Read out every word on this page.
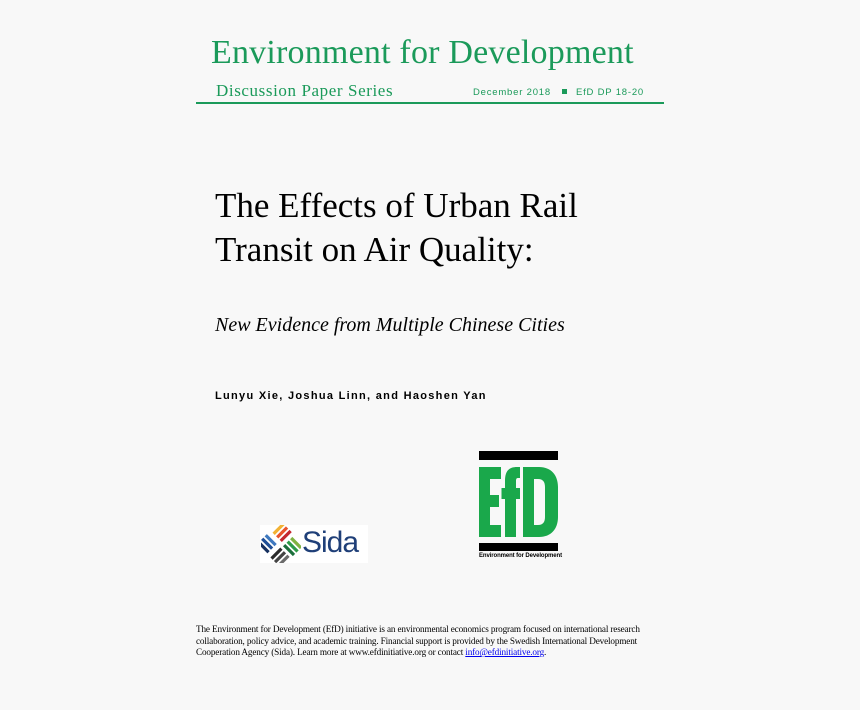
Environment for Development
Discussion Paper Series	December 2018	EfD DP 18-20
The Effects of Urban Rail
Transit on Air Quality:
New Evidence from Multiple Chinese Cities
Lunyu Xie, Joshua Linn, and Haoshen Yan
Sida	Environment for Development
The Environment for Development (EfD) initiative is an environmental economics program focused on international research collaboration, policy advice, and academic training. Financial support is provided by the Swedish International Development Cooperation Agency (Sida). Learn more at www.efdinitiative.org or contact info@efdinitiative.org.
